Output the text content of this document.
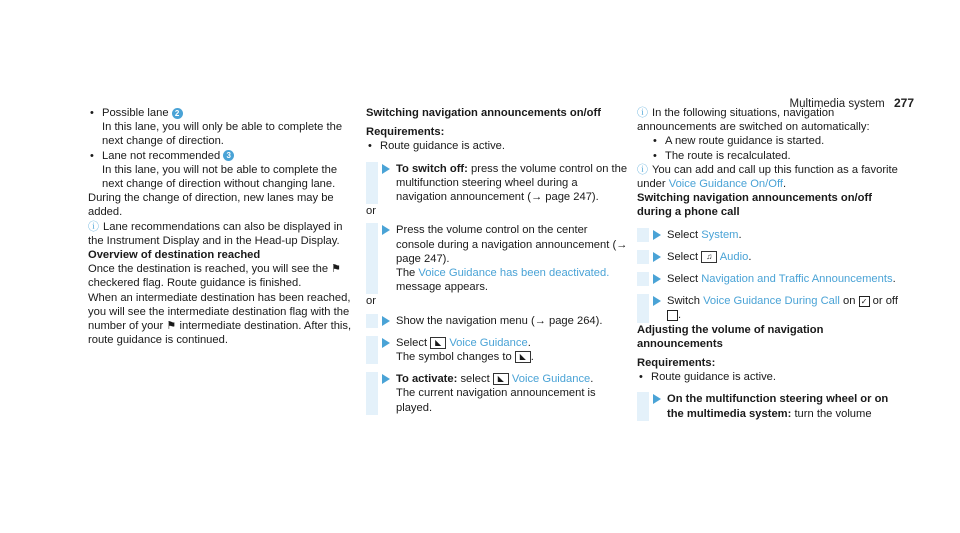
Multimedia system 277

• Possible lane 2

In this lane, you will only be able to complete the next change of direction.

• Lane not recommended 3

In this lane, you will not be able to complete the next change of direction without changing lane.

During the change of direction, new lanes may be added.

ⓘ Lane recommendations can also be displayed in the Instrument Display and in the Head-up Display.

Overview of destination reached

Once the destination is reached, you will see the ⚑ checkered flag. Route guidance is finished.

When an intermediate destination has been reached, you will see the intermediate destination flag with the number of your ⚑ intermediate destination. After this, route guidance is continued.

Switching navigation announcements on/off

Requirements:

• Route guidance is active.

To switch off: press the volume control on the multifunction steering wheel during a navigation announcement (→ page 247).

or

Press the volume control on the center console during a navigation announcement (→ page 247).
The Voice Guidance has been deactivated. message appears.

or

Show the navigation menu (→ page 264).
Select ◣ Voice Guidance.
The symbol changes to ◣ .
To activate: select ◣ Voice Guidance.
The current navigation announcement is played.

ⓘ In the following situations, navigation announcements are switched on automatically:

• A new route guidance is started.

• The route is recalculated.

ⓘ You can add and call up this function as a favorite under Voice Guidance On/Off.

Switching navigation announcements on/off during a phone call

Select System.
Select ♫ Audio.
Select Navigation and Traffic Announcements.
Switch Voice Guidance During Call on ✓ or off .

Adjusting the volume of navigation announcements

Requirements:

• Route guidance is active.

On the multifunction steering wheel or on the multimedia system: turn the volume
